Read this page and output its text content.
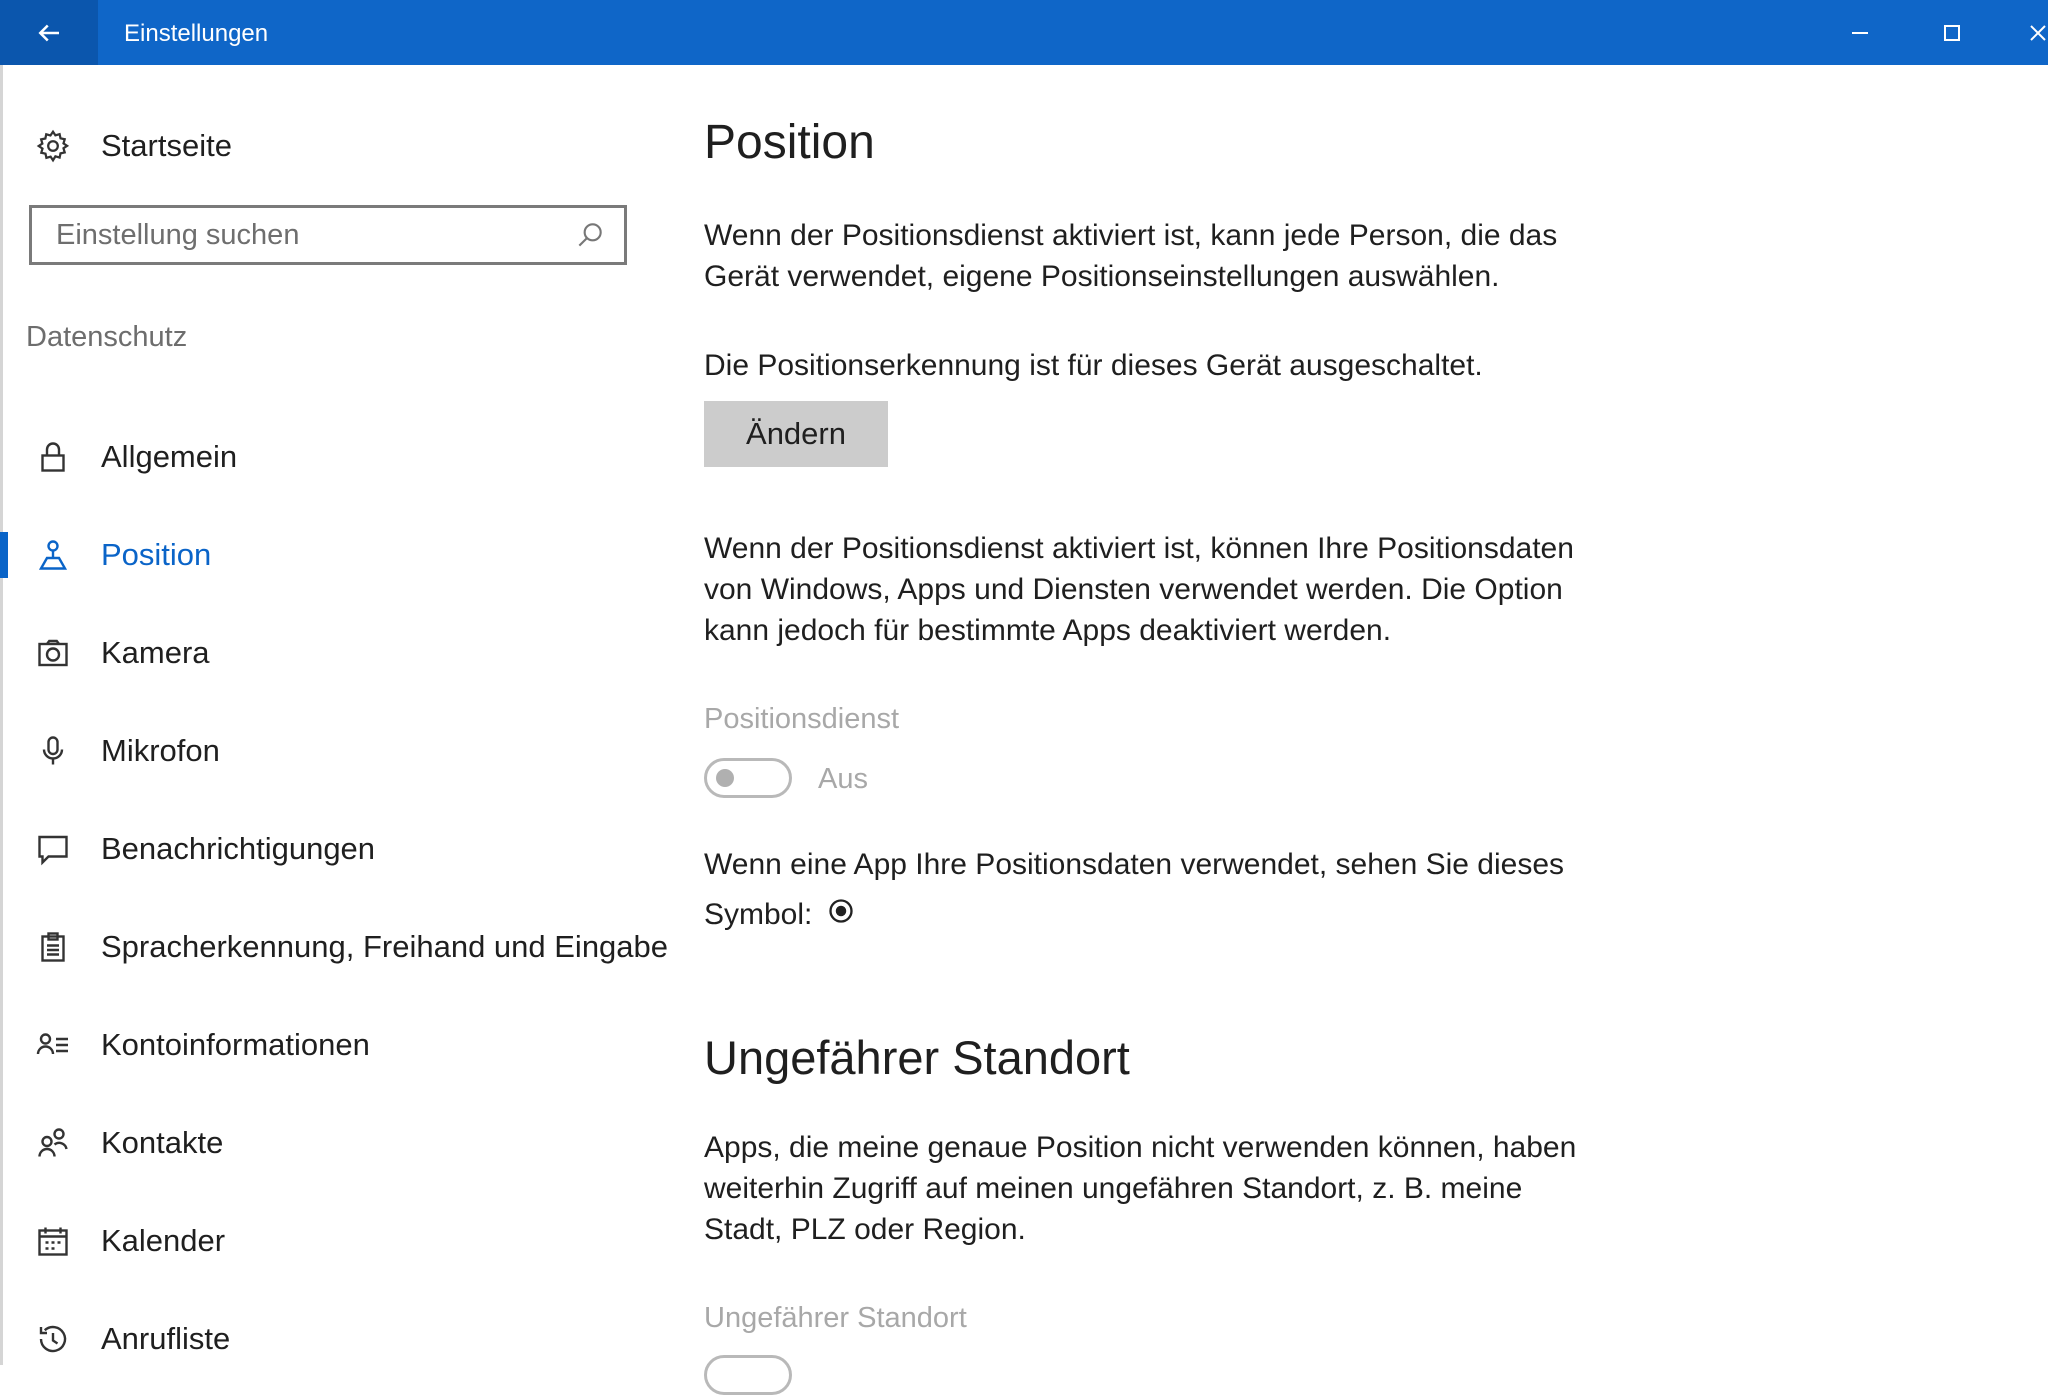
Einstellungen
Startseite
Einstellung suchen
Datenschutz
Allgemein
Position
Kamera
Mikrofon
Benachrichtigungen
Spracherkennung, Freihand und Eingabe
Kontoinformationen
Kontakte
Kalender
Anrufliste
Position

Wenn der Positionsdienst aktiviert ist, kann jede Person, die das Gerät verwendet, eigene Positionseinstellungen auswählen.

Die Positionserkennung ist für dieses Gerät ausgeschaltet.

Ändern

Wenn der Positionsdienst aktiviert ist, können Ihre Positionsdaten von Windows, Apps und Diensten verwendet werden. Die Option kann jedoch für bestimmte Apps deaktiviert werden.

Positionsdienst
Aus

Wenn eine App Ihre Positionsdaten verwendet, sehen Sie dieses Symbol:

Ungefährer Standort

Apps, die meine genaue Position nicht verwenden können, haben weiterhin Zugriff auf meinen ungefähren Standort, z. B. meine Stadt, PLZ oder Region.

Ungefährer Standort
